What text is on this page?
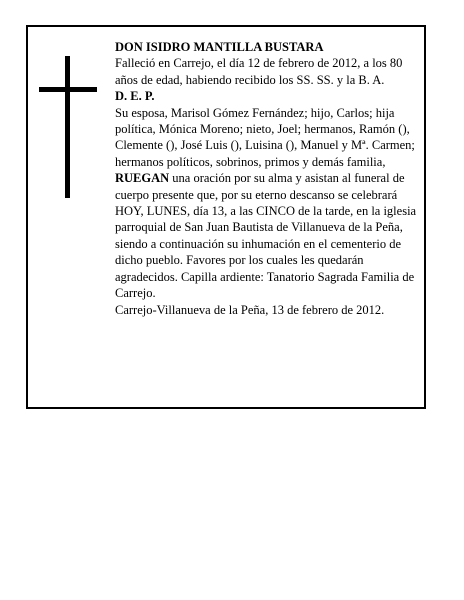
DON ISIDRO MANTILLA BUSTARA

Falleció en Carrejo, el día 12 de febrero de 2012, a los 80 años de edad, habiendo recibido los SS. SS. y la B. A.

D. E. P.

Su esposa, Marisol Gómez Fernández; hijo, Carlos; hija política, Mónica Moreno; nieto, Joel; hermanos, Ramón (), Clemente (), José Luis (), Luisina (), Manuel y Mª. Carmen; hermanos políticos, sobrinos, primos y demás familia,

RUEGAN una oración por su alma y asistan al funeral de cuerpo presente que, por su eterno descanso se celebrará HOY, LUNES, día 13, a las CINCO de la tarde, en la iglesia parroquial de San Juan Bautista de Villanueva de la Peña, siendo a continuación su inhumación en el cementerio de dicho pueblo. Favores por los cuales les quedarán agradecidos. Capilla ardiente: Tanatorio Sagrada Familia de Carrejo.

Carrejo-Villanueva de la Peña, 13 de febrero de 2012.
